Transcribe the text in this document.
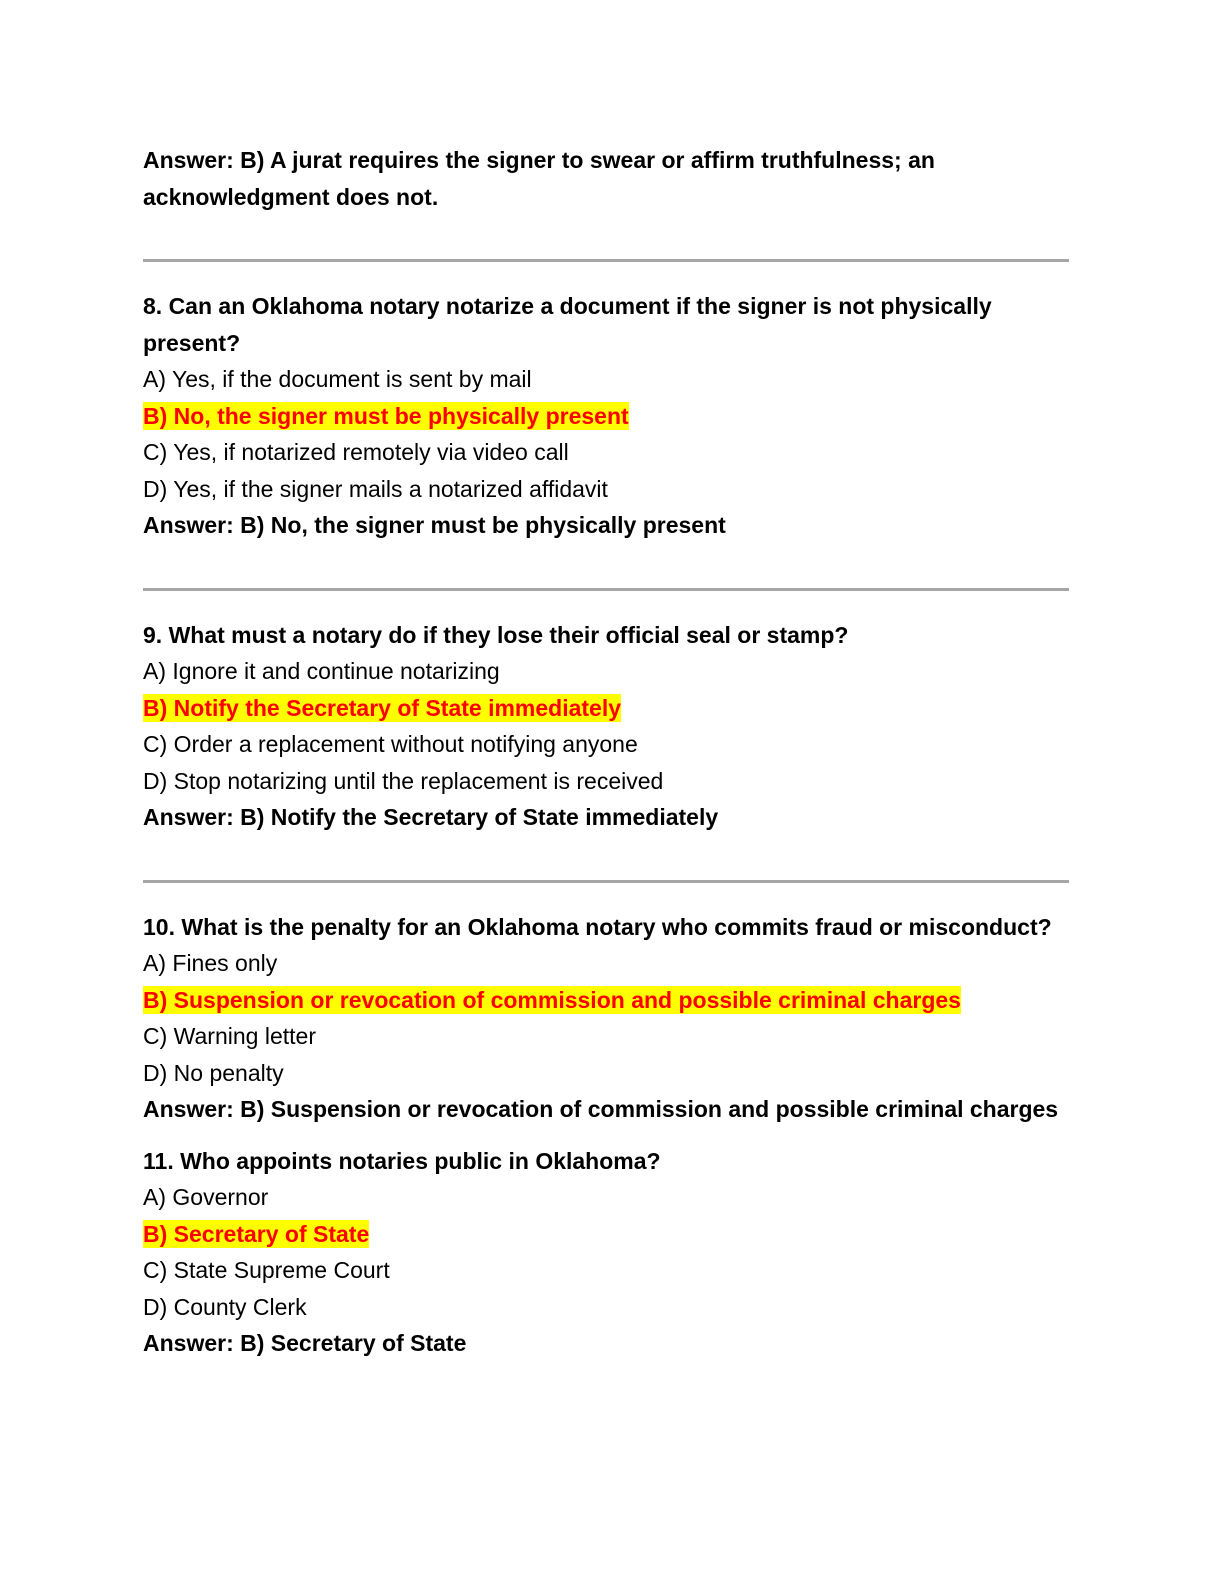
Answer: B) A jurat requires the signer to swear or affirm truthfulness; an acknowledgment does not.
8. Can an Oklahoma notary notarize a document if the signer is not physically present?
A) Yes, if the document is sent by mail
B) No, the signer must be physically present
C) Yes, if notarized remotely via video call
D) Yes, if the signer mails a notarized affidavit
Answer: B) No, the signer must be physically present
9. What must a notary do if they lose their official seal or stamp?
A) Ignore it and continue notarizing
B) Notify the Secretary of State immediately
C) Order a replacement without notifying anyone
D) Stop notarizing until the replacement is received
Answer: B) Notify the Secretary of State immediately
10. What is the penalty for an Oklahoma notary who commits fraud or misconduct?
A) Fines only
B) Suspension or revocation of commission and possible criminal charges
C) Warning letter
D) No penalty
Answer: B) Suspension or revocation of commission and possible criminal charges
11. Who appoints notaries public in Oklahoma?
A) Governor
B) Secretary of State
C) State Supreme Court
D) County Clerk
Answer: B) Secretary of State
